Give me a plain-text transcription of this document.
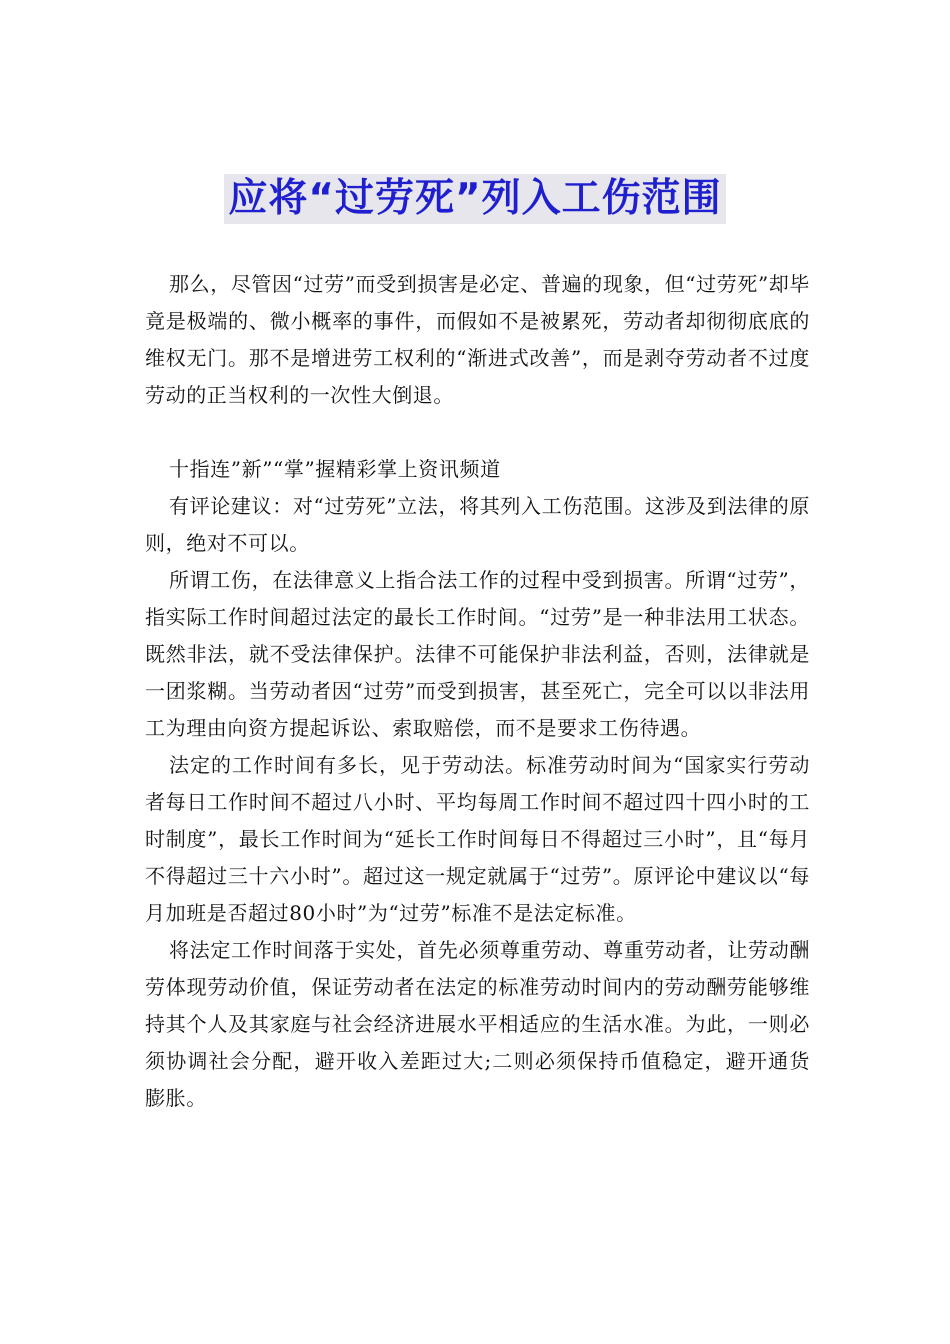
应将“过劳死”列入工伤范围

那么，尽管因“过劳”而受到损害是必定、普遍的现象，但“过劳死”却毕竟是极端的、微小概率的事件，而假如不是被累死，劳动者却彻彻底底的维权无门。那不是增进劳工权利的“渐进式改善”，而是剥夺劳动者不过度劳动的正当权利的一次性大倒退。

十指连”新”“掌”握精彩掌上资讯频道

有评论建议：对“过劳死”立法，将其列入工伤范围。这涉及到法律的原则，绝对不可以。

所谓工伤，在法律意义上指合法工作的过程中受到损害。所谓“过劳”，指实际工作时间超过法定的最长工作时间。“过劳”是一种非法用工状态。既然非法，就不受法律保护。法律不可能保护非法利益，否则，法律就是一团浆糊。当劳动者因“过劳”而受到损害，甚至死亡，完全可以以非法用工为理由向资方提起诉讼、索取赔偿，而不是要求工伤待遇。

法定的工作时间有多长，见于劳动法。标准劳动时间为“国家实行劳动者每日工作时间不超过八小时、平均每周工作时间不超过四十四小时的工时制度”，最长工作时间为“延长工作时间每日不得超过三小时”，且“每月不得超过三十六小时”。超过这一规定就属于“过劳”。原评论中建议以“每月加班是否超过80小时”为“过劳”标准不是法定标准。

将法定工作时间落于实处，首先必须尊重劳动、尊重劳动者，让劳动酬劳体现劳动价值，保证劳动者在法定的标准劳动时间内的劳动酬劳能够维持其个人及其家庭与社会经济进展水平相适应的生活水准。为此，一则必须协调社会分配，避开收入差距过大;二则必须保持币值稳定，避开通货膨胀。
